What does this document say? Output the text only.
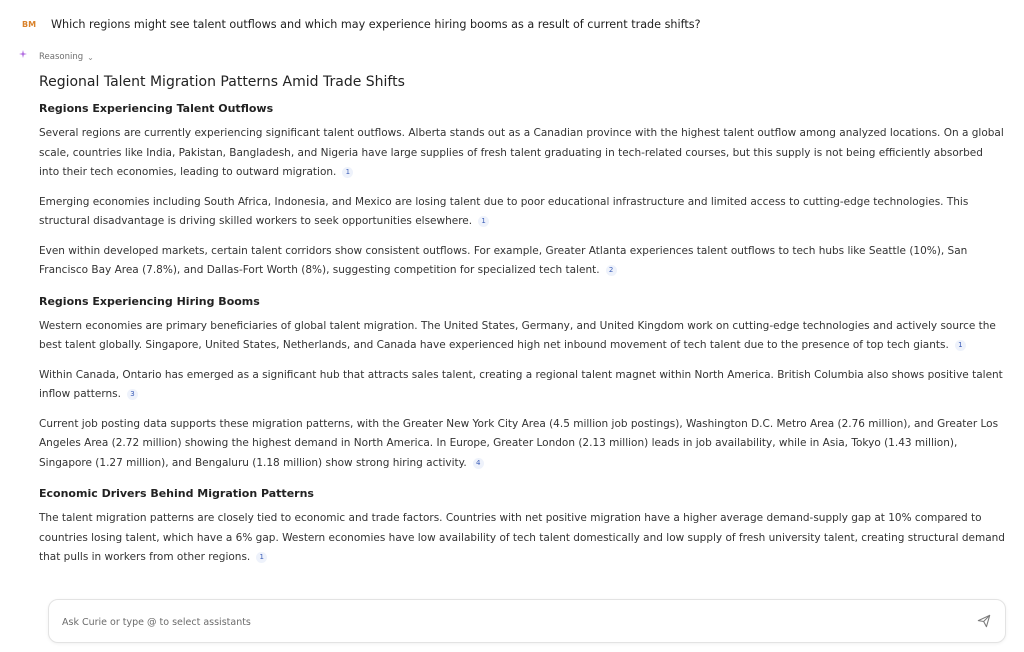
BM Which regions might see talent outflows and which may experience hiring booms as a result of current trade shifts?
Reasoning ⌄
Regional Talent Migration Patterns Amid Trade Shifts
Regions Experiencing Talent Outflows

Several regions are currently experiencing significant talent outflows. Alberta stands out as a Canadian province with the highest talent outflow among analyzed locations. On a global scale, countries like India, Pakistan, Bangladesh, and Nigeria have large supplies of fresh talent graduating in tech-related courses, but this supply is not being efficiently absorbed into their tech economies, leading to outward migration. 1

Emerging economies including South Africa, Indonesia, and Mexico are losing talent due to poor educational infrastructure and limited access to cutting-edge technologies. This structural disadvantage is driving skilled workers to seek opportunities elsewhere. 1

Even within developed markets, certain talent corridors show consistent outflows. For example, Greater Atlanta experiences talent outflows to tech hubs like Seattle (10%), San Francisco Bay Area (7.8%), and Dallas-Fort Worth (8%), suggesting competition for specialized tech talent. 2

Regions Experiencing Hiring Booms

Western economies are primary beneficiaries of global talent migration. The United States, Germany, and United Kingdom work on cutting-edge technologies and actively source the best talent globally. Singapore, United States, Netherlands, and Canada have experienced high net inbound movement of tech talent due to the presence of top tech giants. 1

Within Canada, Ontario has emerged as a significant hub that attracts sales talent, creating a regional talent magnet within North America. British Columbia also shows positive talent inflow patterns. 3

Current job posting data supports these migration patterns, with the Greater New York City Area (4.5 million job postings), Washington D.C. Metro Area (2.76 million), and Greater Los Angeles Area (2.72 million) showing the highest demand in North America. In Europe, Greater London (2.13 million) leads in job availability, while in Asia, Tokyo (1.43 million), Singapore (1.27 million), and Bengaluru (1.18 million) show strong hiring activity. 4

Economic Drivers Behind Migration Patterns

The talent migration patterns are closely tied to economic and trade factors. Countries with net positive migration have a higher average demand-supply gap at 10% compared to countries losing talent, which have a 6% gap. Western economies have low availability of tech talent domestically and low supply of fresh university talent, creating structural demand that pulls in workers from other regions. 1

Ask Curie or type @ to select assistants
